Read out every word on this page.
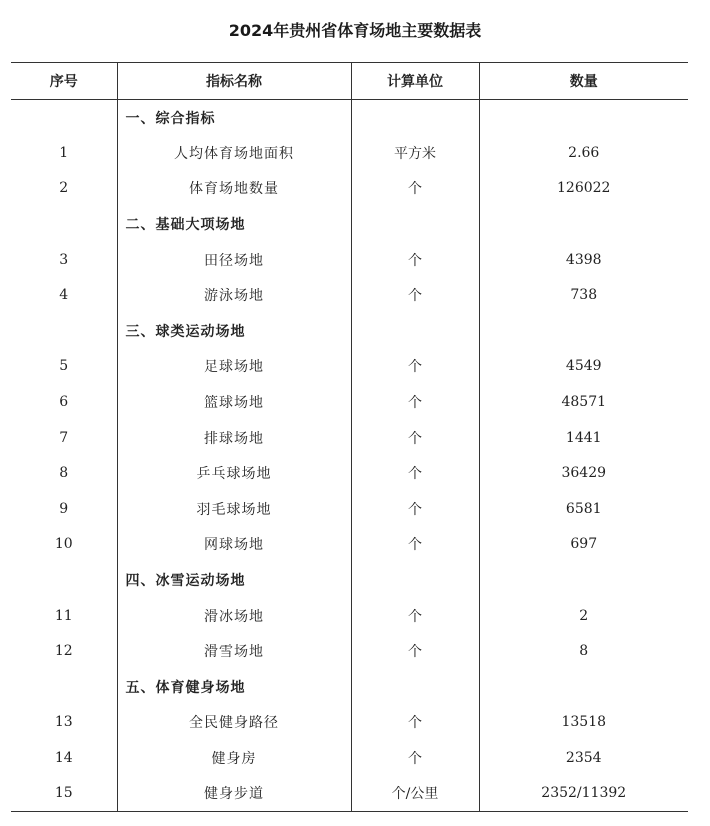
2024年贵州省体育场地主要数据表
序号	指标名称	计算单位	数量
	一、综合指标		
1	人均体育场地面积	平方米	2.66
2	体育场地数量	个	126022
	二、基础大项场地		
3	田径场地	个	4398
4	游泳场地	个	738
	三、球类运动场地		
5	足球场地	个	4549
6	篮球场地	个	48571
7	排球场地	个	1441
8	乒乓球场地	个	36429
9	羽毛球场地	个	6581
10	网球场地	个	697
	四、冰雪运动场地		
11	滑冰场地	个	2
12	滑雪场地	个	8
	五、体育健身场地		
13	全民健身路径	个	13518
14	健身房	个	2354
15	健身步道	个/公里	2352/11392
